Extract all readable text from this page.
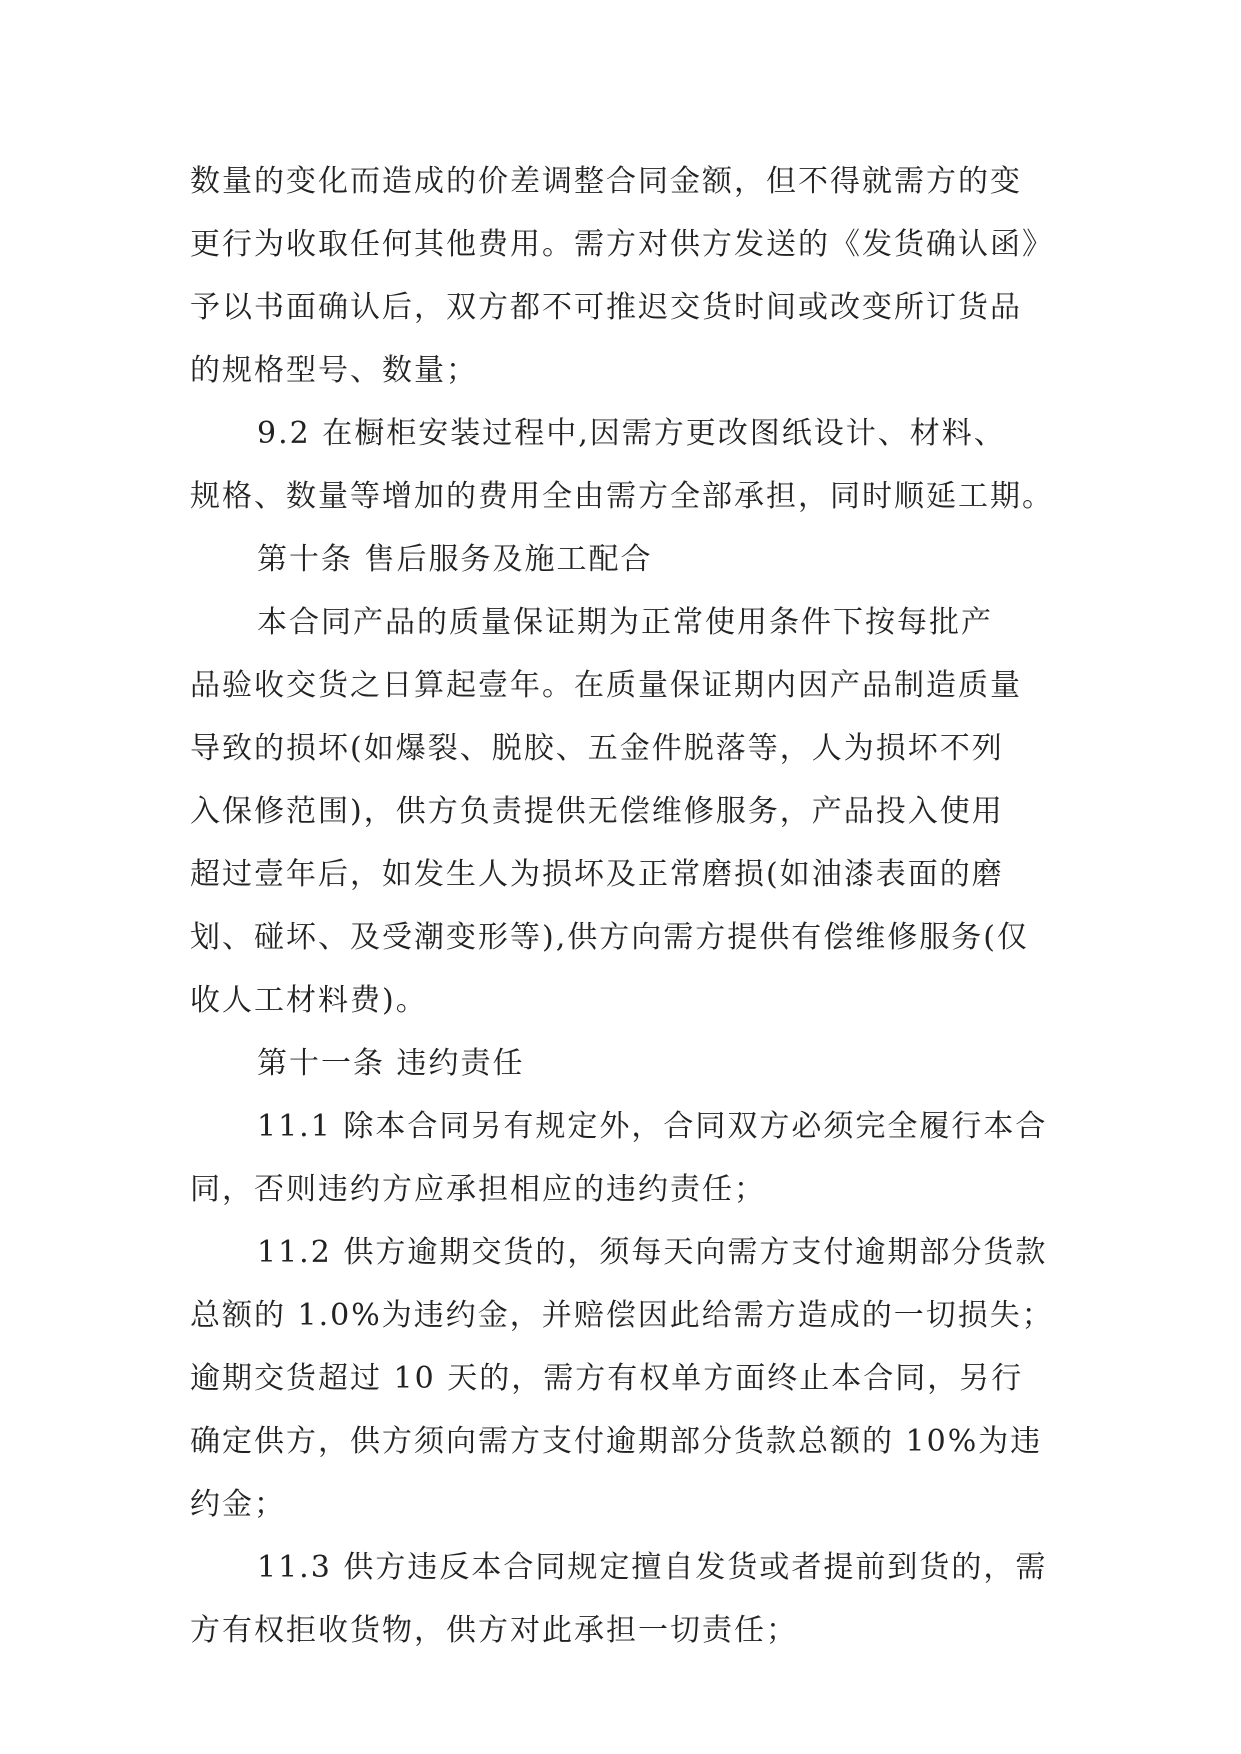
数量的变化而造成的价差调整合同金额，但不得就需方的变
更行为收取任何其他费用。需方对供方发送的《发货确认函》
予以书面确认后，双方都不可推迟交货时间或改变所订货品
的规格型号、数量；
9.2 在橱柜安装过程中,因需方更改图纸设计、材料、
规格、数量等增加的费用全由需方全部承担，同时顺延工期。
第十条 售后服务及施工配合
本合同产品的质量保证期为正常使用条件下按每批产
品验收交货之日算起壹年。在质量保证期内因产品制造质量
导致的损坏(如爆裂、脱胶、五金件脱落等，人为损坏不列
入保修范围)，供方负责提供无偿维修服务，产品投入使用
超过壹年后，如发生人为损坏及正常磨损(如油漆表面的磨
划、碰坏、及受潮变形等),供方向需方提供有偿维修服务(仅
收人工材料费)。
第十一条 违约责任
11.1 除本合同另有规定外，合同双方必须完全履行本合
同，否则违约方应承担相应的违约责任；
11.2 供方逾期交货的，须每天向需方支付逾期部分货款
总额的 1.0%为违约金，并赔偿因此给需方造成的一切损失；
逾期交货超过 10 天的，需方有权单方面终止本合同，另行
确定供方，供方须向需方支付逾期部分货款总额的 10%为违
约金；
11.3 供方违反本合同规定擅自发货或者提前到货的，需
方有权拒收货物，供方对此承担一切责任；
